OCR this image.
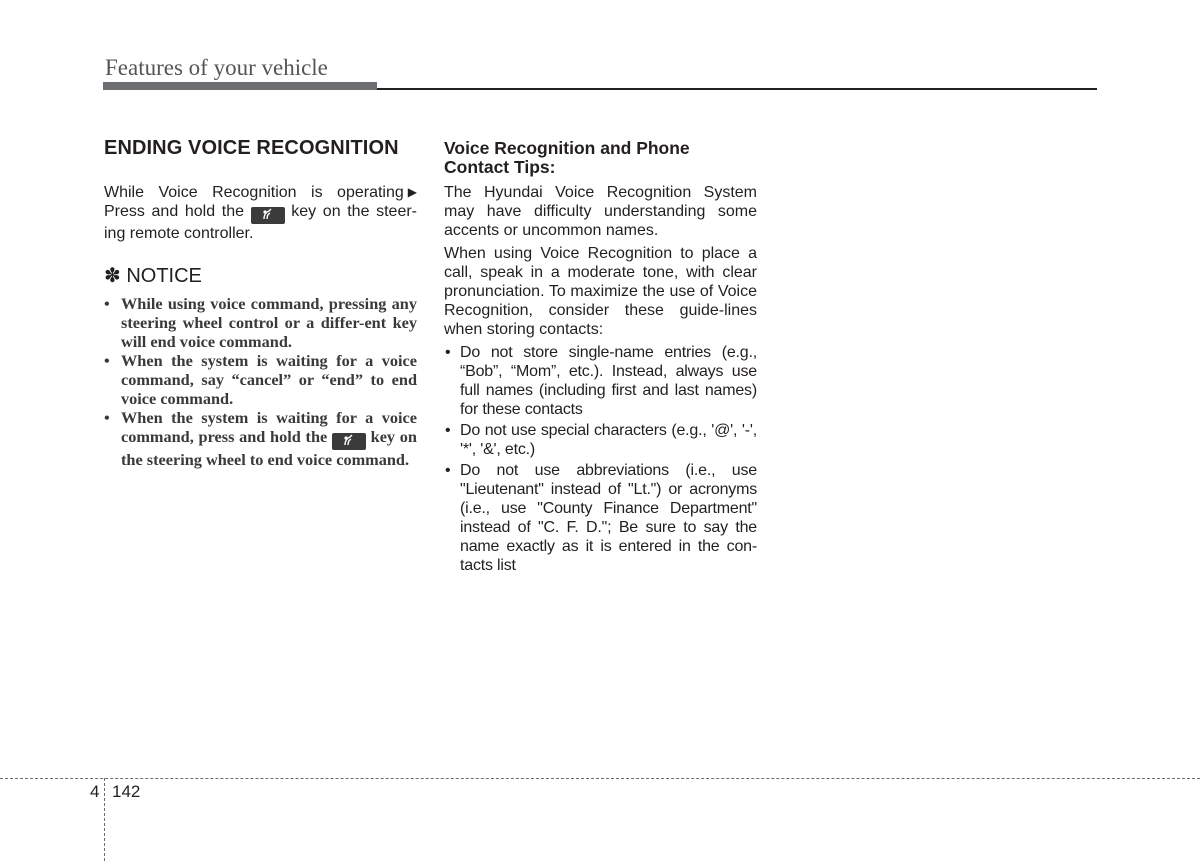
Features of your vehicle
ENDING VOICE RECOGNITION

▶
While Voice Recognition is operating Press and hold the	key on the steer-ing remote controller.

✽ NOTICE
• While using voice command, pressing any steering wheel control or a differ-ent key will end voice command.
• When the system is waiting for a voice command, say “cancel” or “end” to end voice command.
• When the system is waiting for a voice command, press and hold the	key on the steering wheel to end voice command.
Voice Recognition and Phone Contact Tips:

The Hyundai Voice Recognition System may have difficulty understanding some accents or uncommon names.

When using Voice Recognition to place a call, speak in a moderate tone, with clear pronunciation. To maximize the use of Voice Recognition, consider these guide-lines when storing contacts:

• Do not store single-name entries (e.g., “Bob”, “Mom”, etc.). Instead, always use full names (including first and last names) for these contacts
• Do not use special characters (e.g., '@', '-', '*', '&', etc.)
• Do not use abbreviations (i.e., use "Lieutenant" instead of "Lt.") or acronyms (i.e., use "County Finance Department" instead of "C. F. D."; Be sure to say the name exactly as it is entered in the con-tacts list
4 142
